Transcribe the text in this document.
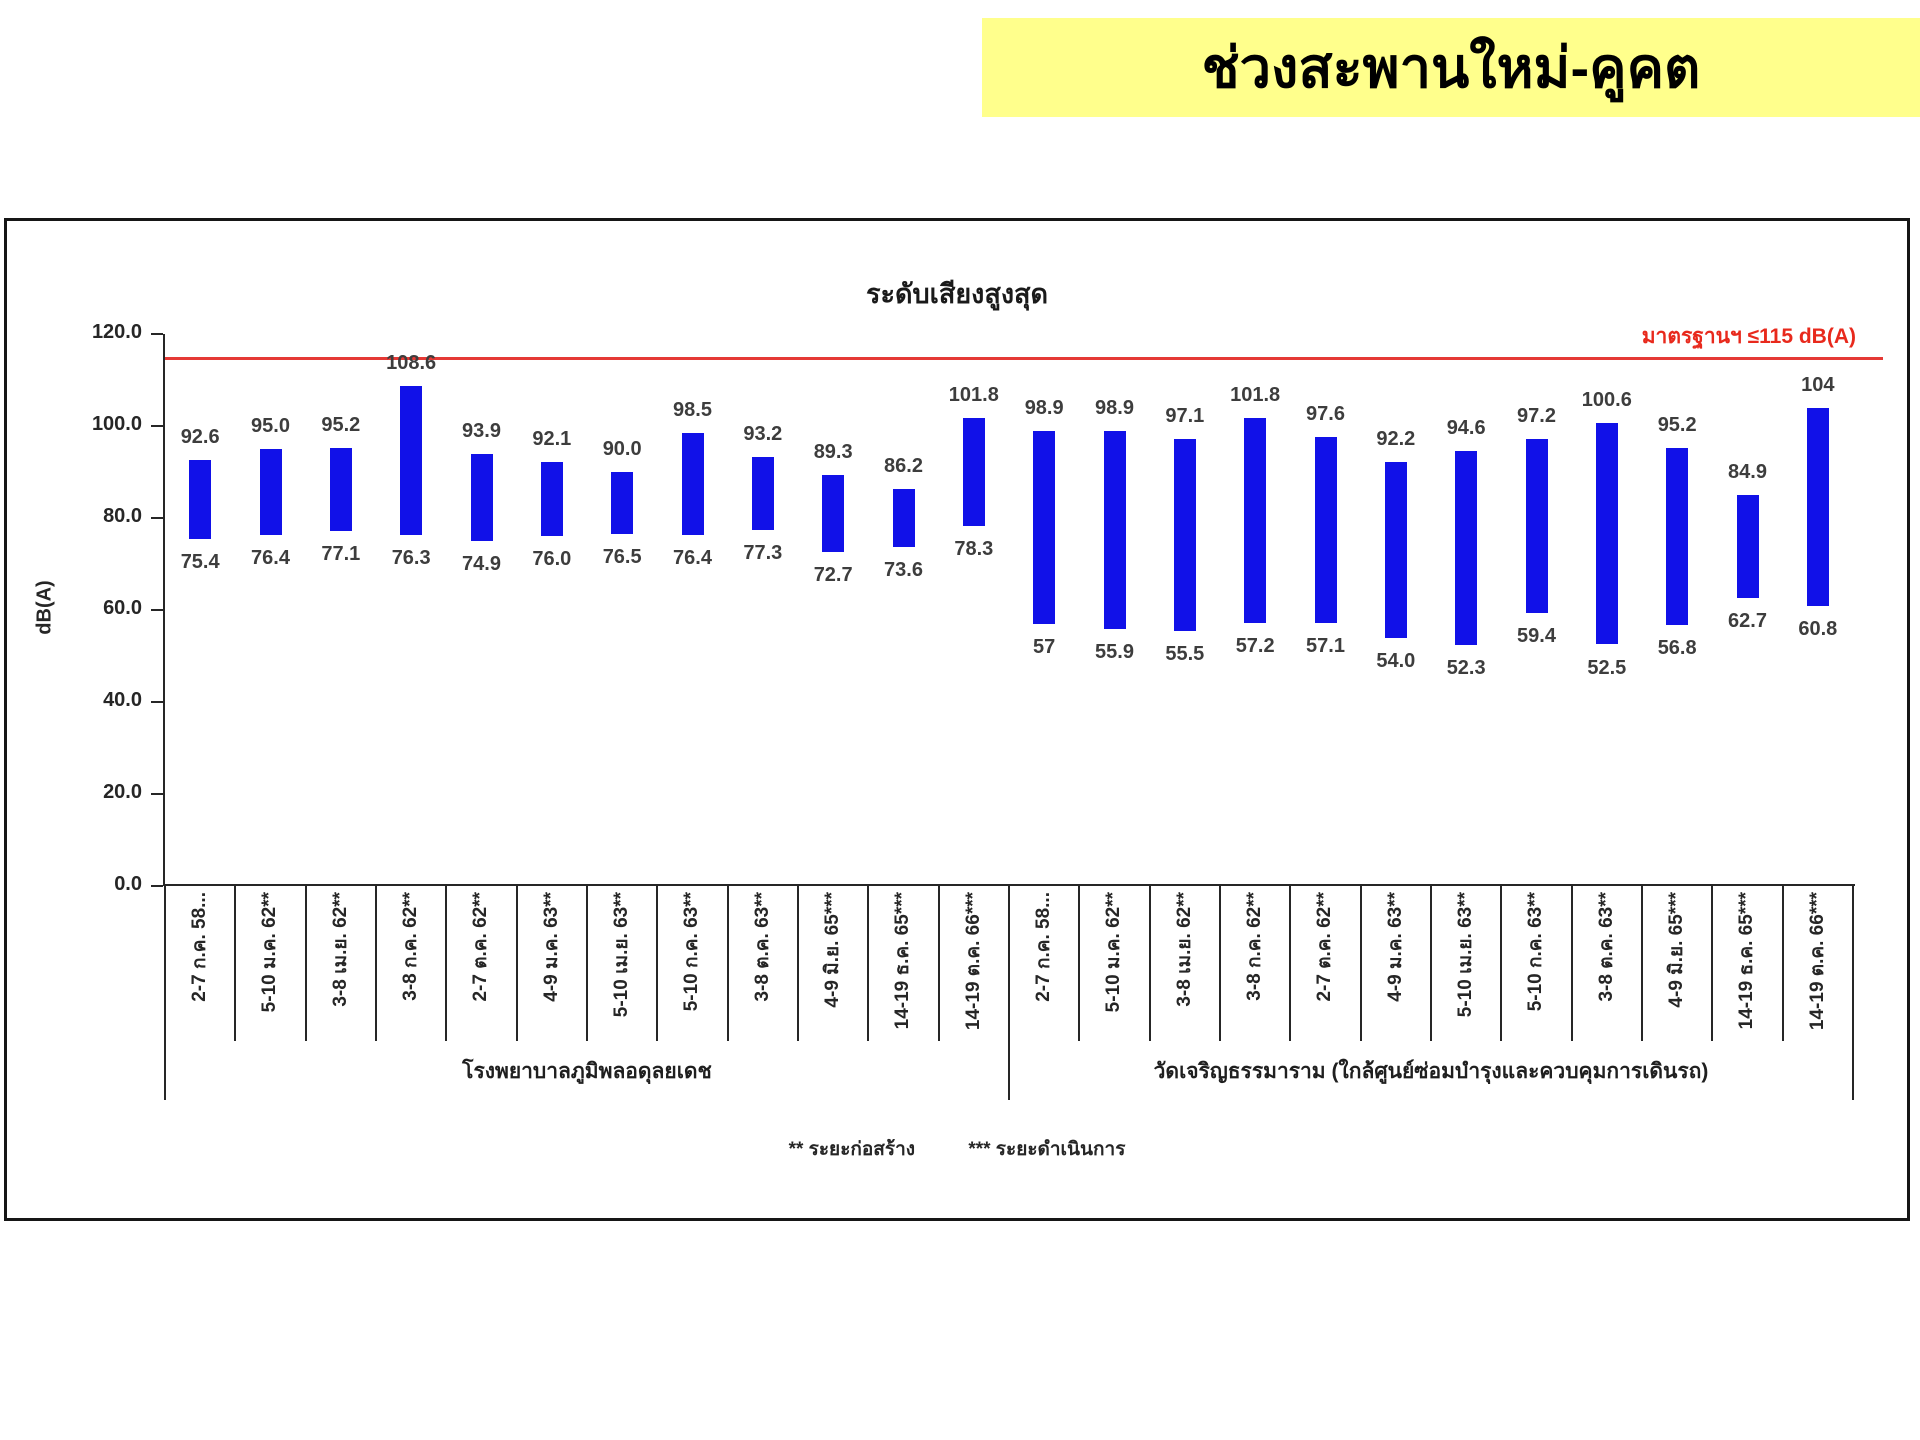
ช่วงสะพานใหม่-คูคต
ระดับเสียงสูงสุด
มาตรฐานฯ ≤115 dB(A)
dB(A)
** ระยะก่อสร้าง	*** ระยะดำเนินการ
0.0
20.0
40.0
60.0
80.0
100.0
120.0
92.6
75.4
2-7 ก.ค. 58...
95.0
76.4
5-10 ม.ค. 62**
95.2
77.1
3-8 เม.ย. 62**
108.6
76.3
3-8 ก.ค. 62**
93.9
74.9
2-7 ต.ค. 62**
92.1
76.0
4-9 ม.ค. 63**
90.0
76.5
5-10 เม.ย. 63**
98.5
76.4
5-10 ก.ค. 63**
93.2
77.3
3-8 ต.ค. 63**
89.3
72.7
4-9 มิ.ย. 65***
86.2
73.6
14-19 ธ.ค. 65***
101.8
78.3
14-19 ต.ค. 66***
98.9
57
2-7 ก.ค. 58...
98.9
55.9
5-10 ม.ค. 62**
97.1
55.5
3-8 เม.ย. 62**
101.8
57.2
3-8 ก.ค. 62**
97.6
57.1
2-7 ต.ค. 62**
92.2
54.0
4-9 ม.ค. 63**
94.6
52.3
5-10 เม.ย. 63**
97.2
59.4
5-10 ก.ค. 63**
100.6
52.5
3-8 ต.ค. 63**
95.2
56.8
4-9 มิ.ย. 65***
84.9
62.7
14-19 ธ.ค. 65***
104
60.8
14-19 ต.ค. 66***
โรงพยาบาลภูมิพลอดุลยเดช	วัดเจริญธรรมาราม (ใกล้ศูนย์ซ่อมบำรุงและควบคุมการเดินรถ)
